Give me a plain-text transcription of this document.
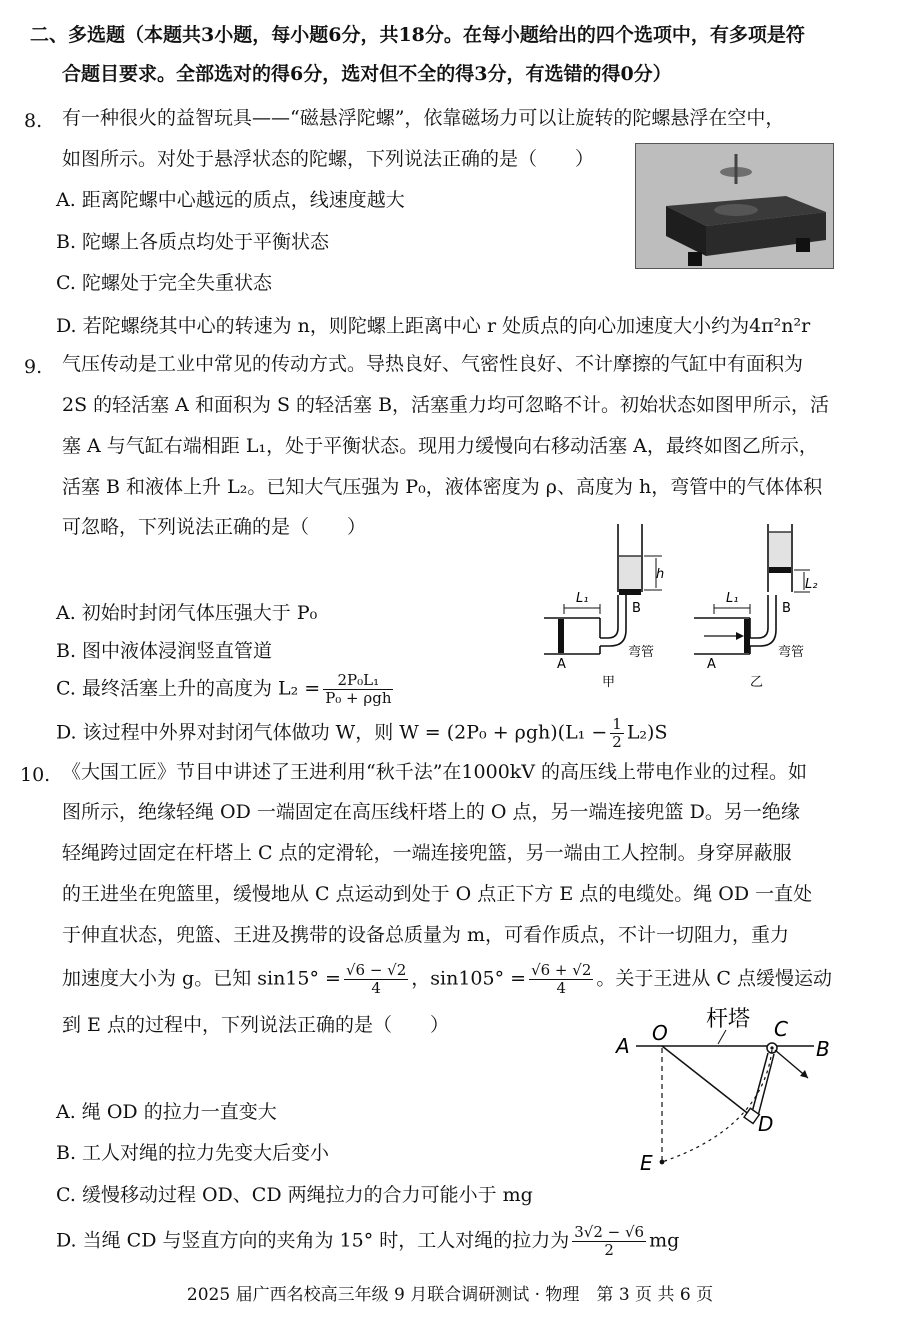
二、多选题（本题共3小题，每小题6分，共18分。在每小题给出的四个选项中，有多项是符
合题目要求。全部选对的得6分，选对但不全的得3分，有选错的得0分）
8. 有一种很火的益智玩具——“磁悬浮陀螺”，依靠磁场力可以让旋转的陀螺悬浮在空中，
如图所示。对处于悬浮状态的陀螺，下列说法正确的是（　　）
A. 距离陀螺中心越远的质点，线速度越大
B. 陀螺上各质点均处于平衡状态
C. 陀螺处于完全失重状态
D. 若陀螺绕其中心的转速为 n，则陀螺上距离中心 r 处质点的向心加速度大小约为4π²n²r
9. 气压传动是工业中常见的传动方式。导热良好、气密性良好、不计摩擦的气缸中有面积为
2S 的轻活塞 A 和面积为 S 的轻活塞 B，活塞重力均可忽略不计。初始状态如图甲所示，活
塞 A 与气缸右端相距 L₁，处于平衡状态。现用力缓慢向右移动活塞 A，最终如图乙所示，
活塞 B 和液体上升 L₂。已知大气压强为 P₀，液体密度为 ρ、高度为 h，弯管中的气体体积
可忽略，下列说法正确的是（　　）
h
L₁
A
B
弯管
甲
L₂
L₁
A
B
弯管
乙
A. 初始时封闭气体压强大于 P₀
B. 图中液体浸润竖直管道
C. 最终活塞上升的高度为 $L_2 = \frac{\text{2P₀L₁}}{\text{P₀ + ρgh}}$
D. 该过程中外界对封闭气体做功 W，则 $W = (2P_0 + \rho gh)(L_1 - \frac{1}{2} L_2)S$
10. 《大国工匠》节目中讲述了王进利用“秋千法”在1000kV 的高压线上带电作业的过程。如
图所示，绝缘轻绳 OD 一端固定在高压线杆塔上的 O 点，另一端连接兜篮 D。另一绝缘
轻绳跨过固定在杆塔上 C 点的定滑轮，一端连接兜篮，另一端由工人控制。身穿屏蔽服
的王进坐在兜篮里，缓慢地从 C 点运动到处于 O 点正下方 E 点的电缆处。绳 OD 一直处
于伸直状态，兜篮、王进及携带的设备总质量为 m，可看作质点，不计一切阻力，重力
加速度大小为 g。已知 $\sin 15^\circ = \frac{√6 - √2}{4}$ ，$\sin 105^\circ = \frac{√6 + √2}{4}$ 。关于王进从 C 点缓慢运动
到 E 点的过程中，下列说法正确的是（　　）	杆塔
A
O	C
B
D
E
A. 绳 OD 的拉力一直变大
B. 工人对绳的拉力先变大后变小
C. 缓慢移动过程 OD、CD 两绳拉力的合力可能小于 mg
D. 当绳 CD 与竖直方向的夹角为 15° 时，工人对绳的拉力为 $\frac{3√2 - √6}{2}$ mg
2025 届广西名校高三年级 9 月联合调研测试 · 物理　第 3 页 共 6 页
